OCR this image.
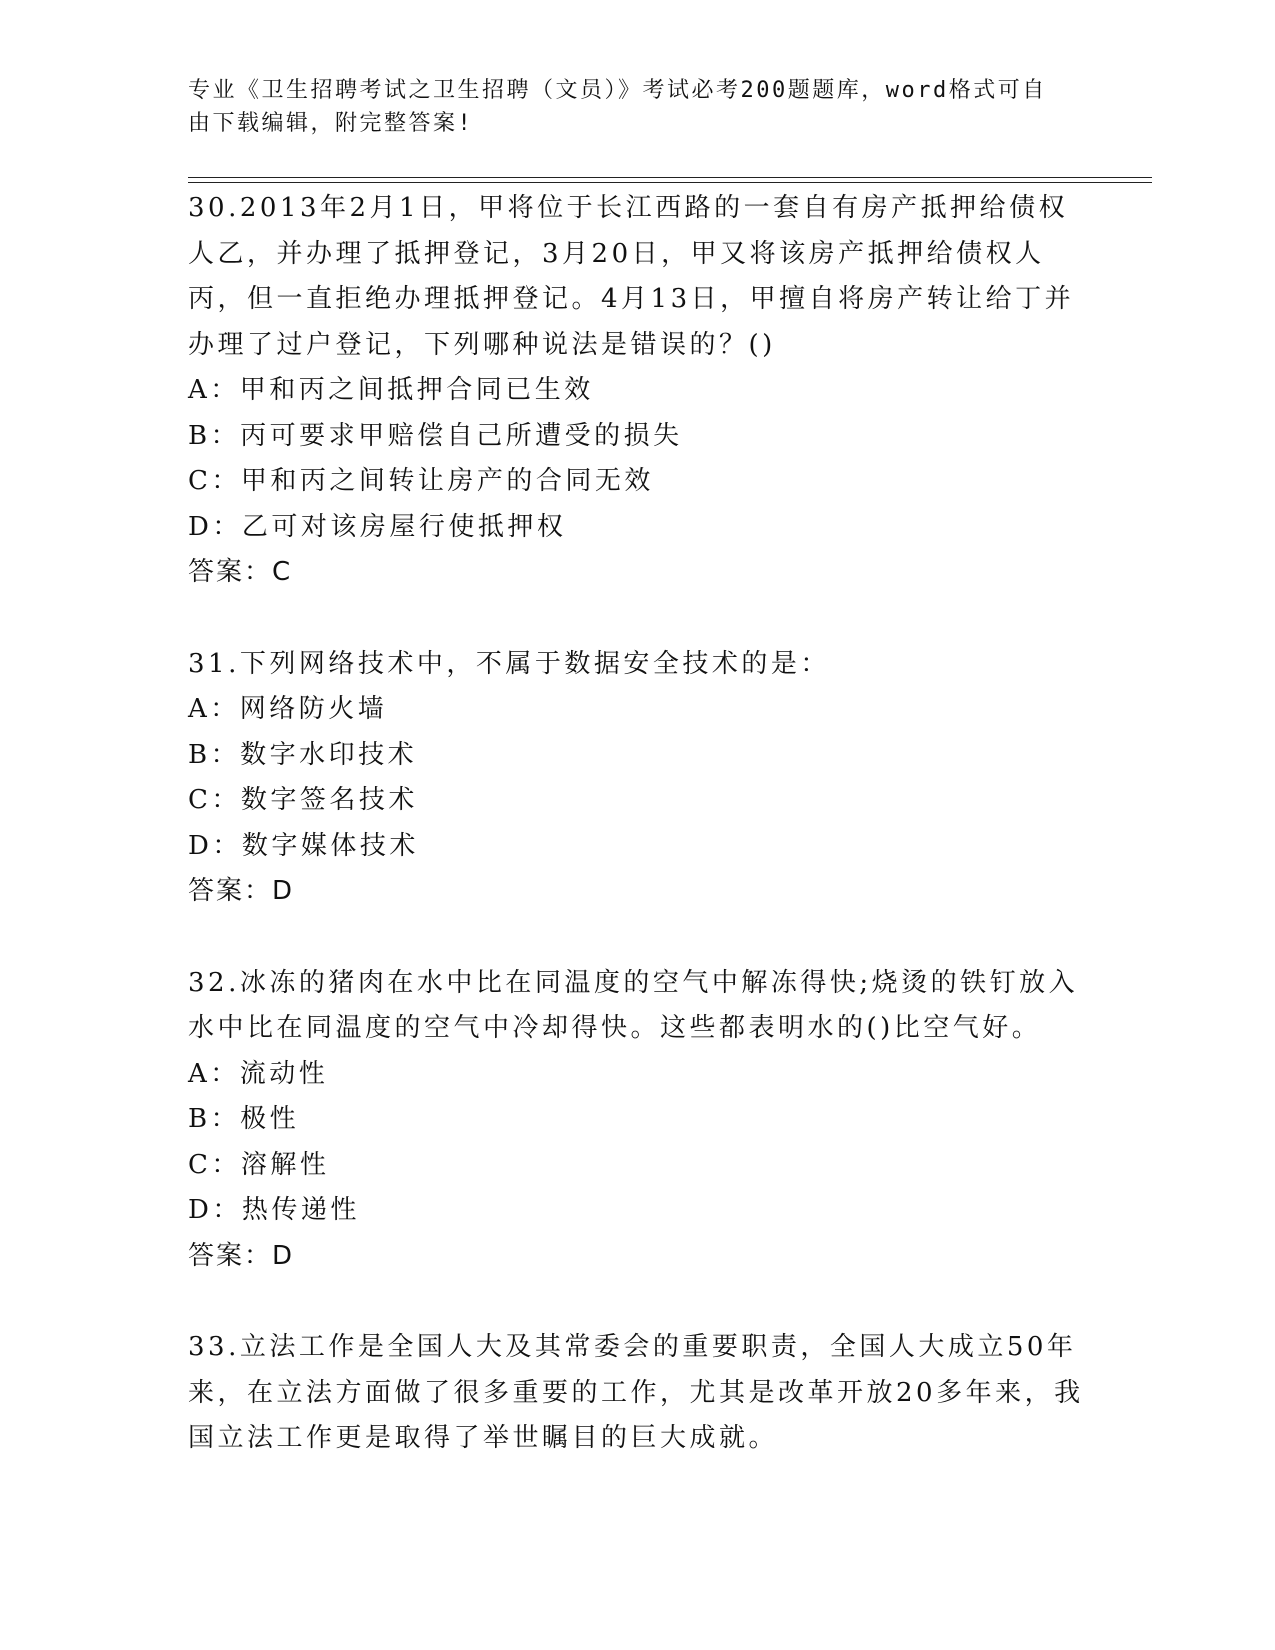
专业《卫生招聘考试之卫生招聘（文员）》考试必考200题题库，word格式可自
由下载编辑，附完整答案!

30.2013年2月1日，甲将位于长江西路的一套自有房产抵押给债权人乙，并办理了抵押登记，3月20日，甲又将该房产抵押给债权人丙，但一直拒绝办理抵押登记。4月13日，甲擅自将房产转让给丁并办理了过户登记，下列哪种说法是错误的？()

A：甲和丙之间抵押合同已生效

B：丙可要求甲赔偿自己所遭受的损失

C：甲和丙之间转让房产的合同无效

D：乙可对该房屋行使抵押权

答案：C

31.下列网络技术中，不属于数据安全技术的是：

A：网络防火墙

B：数字水印技术

C：数字签名技术

D：数字媒体技术

答案：D

32.冰冻的猪肉在水中比在同温度的空气中解冻得快;烧烫的铁钉放入水中比在同温度的空气中冷却得快。这些都表明水的()比空气好。

A：流动性

B：极性

C：溶解性

D：热传递性

答案：D

33.立法工作是全国人大及其常委会的重要职责，全国人大成立50年来，在立法方面做了很多重要的工作，尤其是改革开放20多年来，我国立法工作更是取得了举世瞩目的巨大成就。
